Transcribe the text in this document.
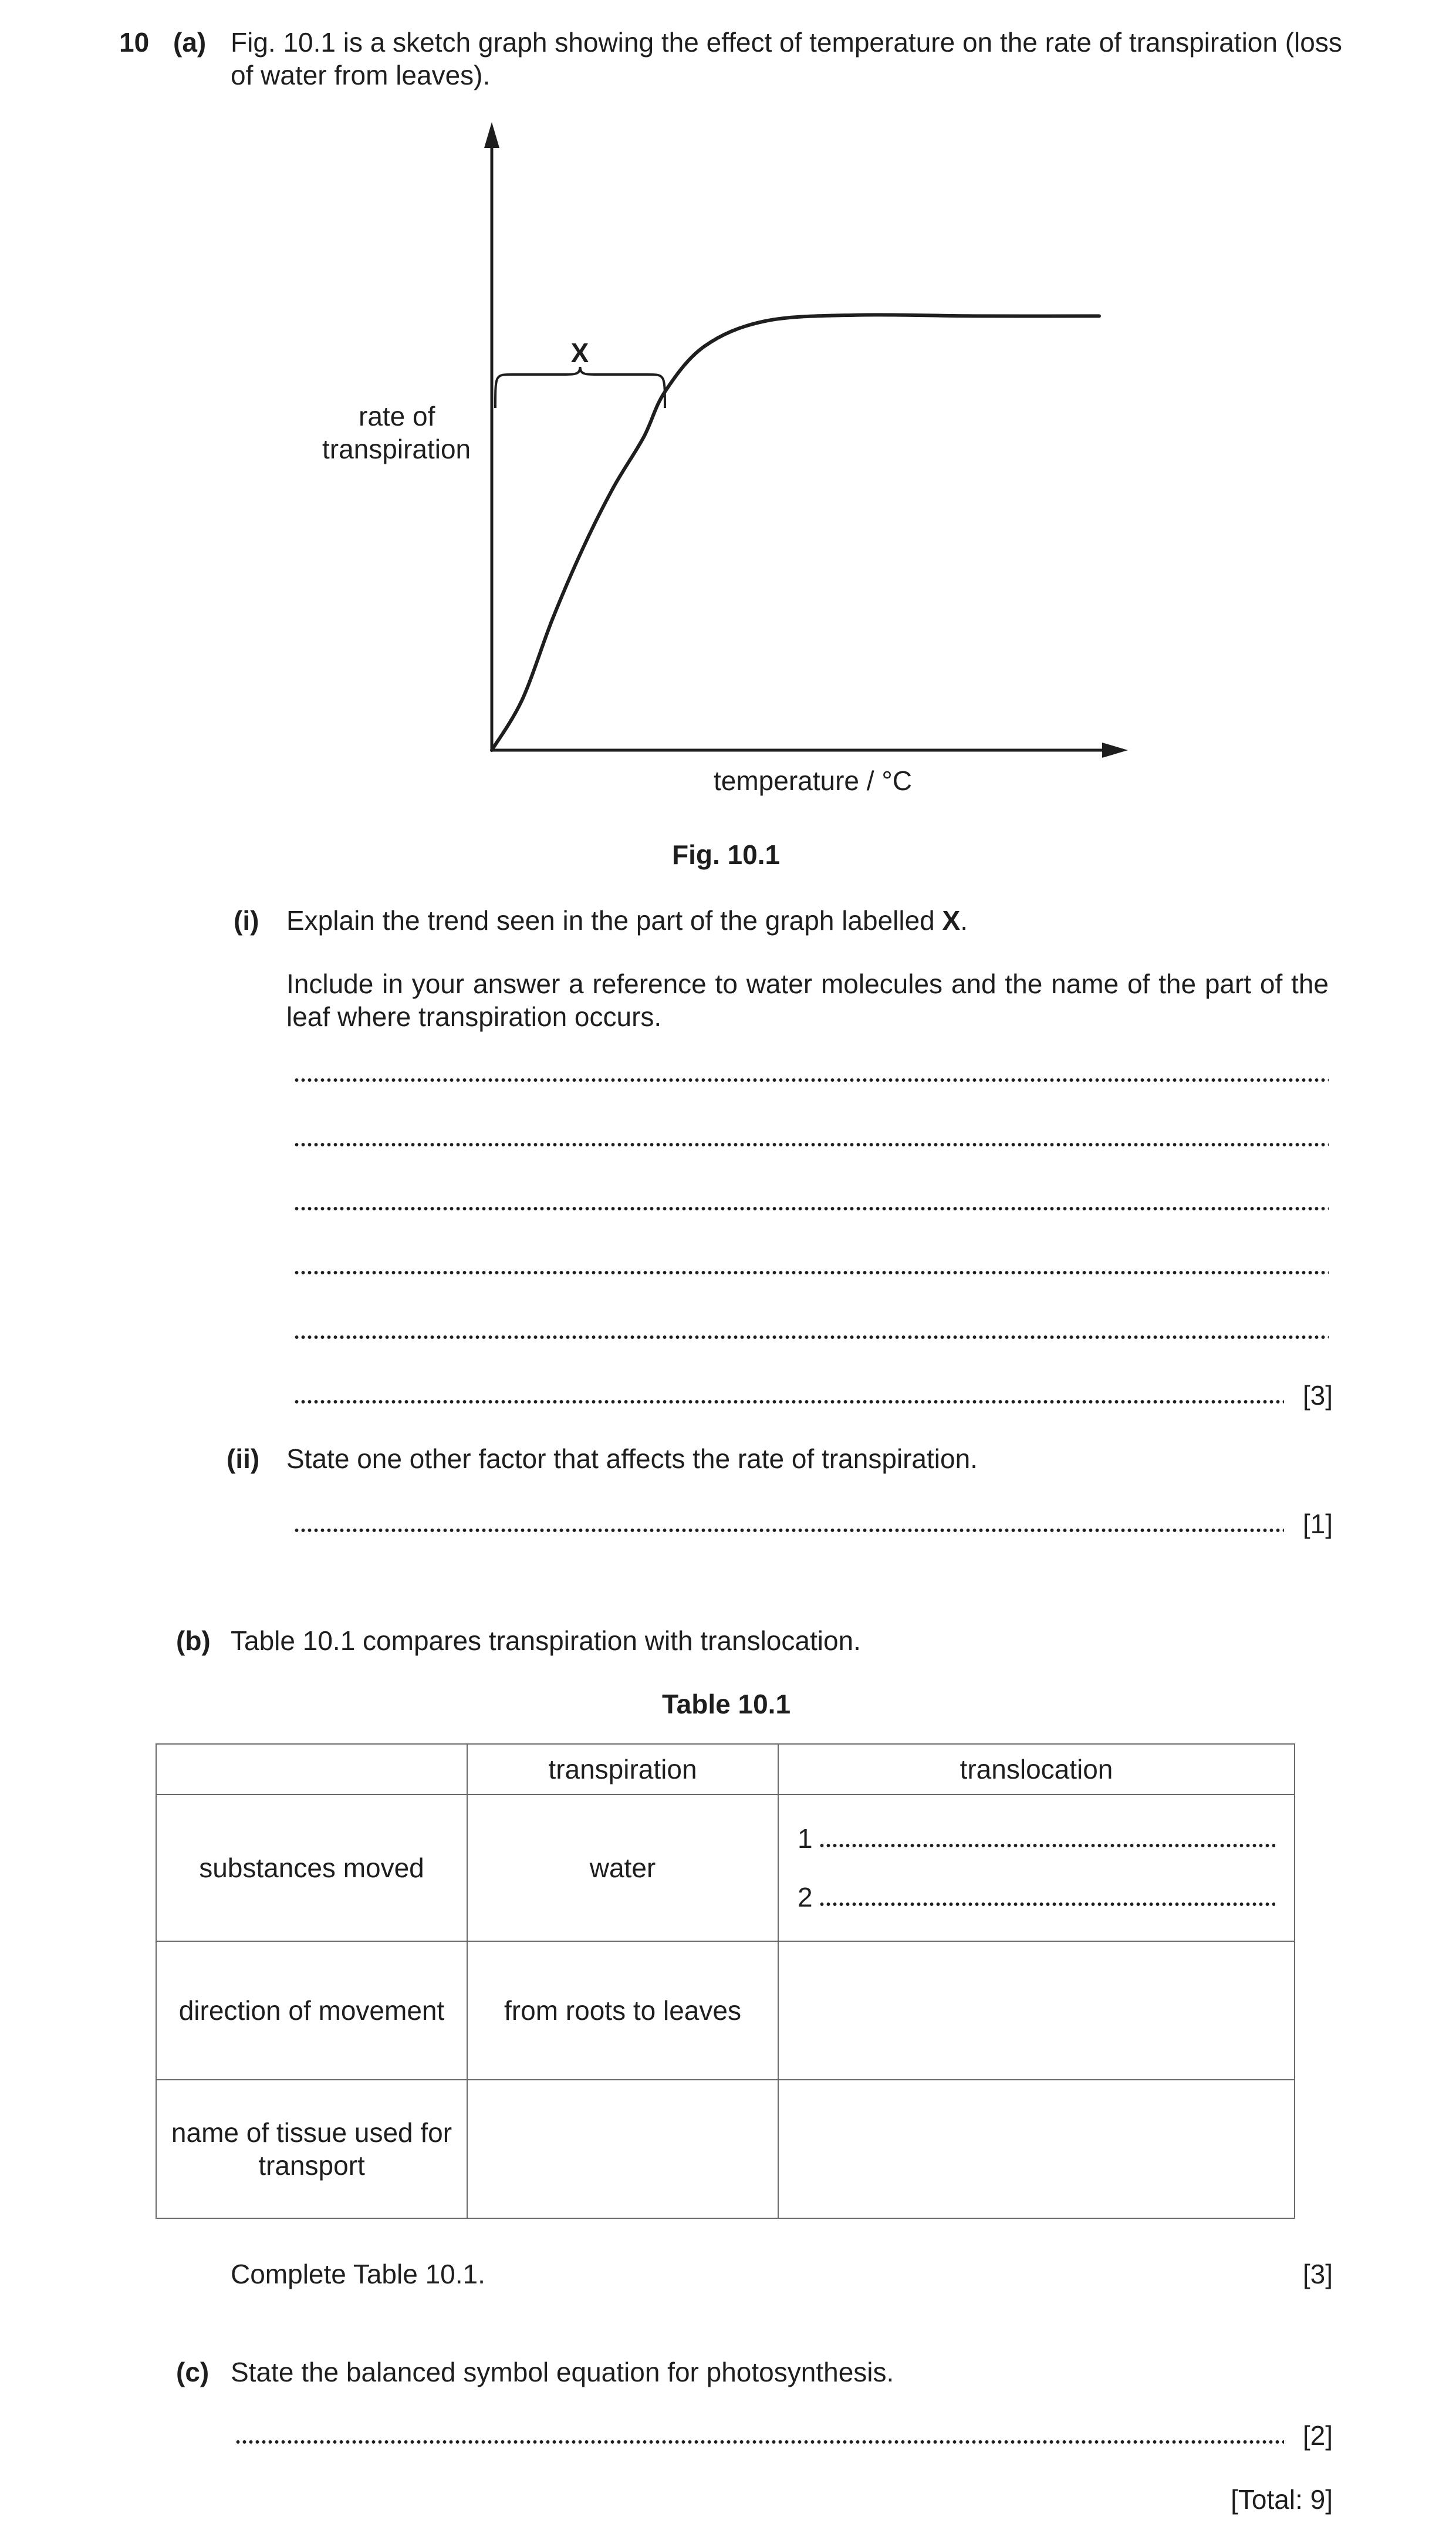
10 (a) Fig. 10.1 is a sketch graph showing the effect of temperature on the rate of transpiration (loss
of water from leaves).
X
rate of
transpiration
temperature / °C
Fig. 10.1
(i) Explain the trend seen in the part of the graph labelled X.
Include in your answer a reference to water molecules and the name of the part of the leaf where transpiration occurs.
[3]
(ii) State one other factor that affects the rate of transpiration.
[1]
(b) Table 10.1 compares transpiration with translocation.
Table 10.1
	transpiration	translocation
substances moved	water	1
2

direction of movement	from roots to leaves	
name of tissue used for transport		
Complete Table 10.1.	[3]
(c) State the balanced symbol equation for photosynthesis.
[2]
[Total: 9]
